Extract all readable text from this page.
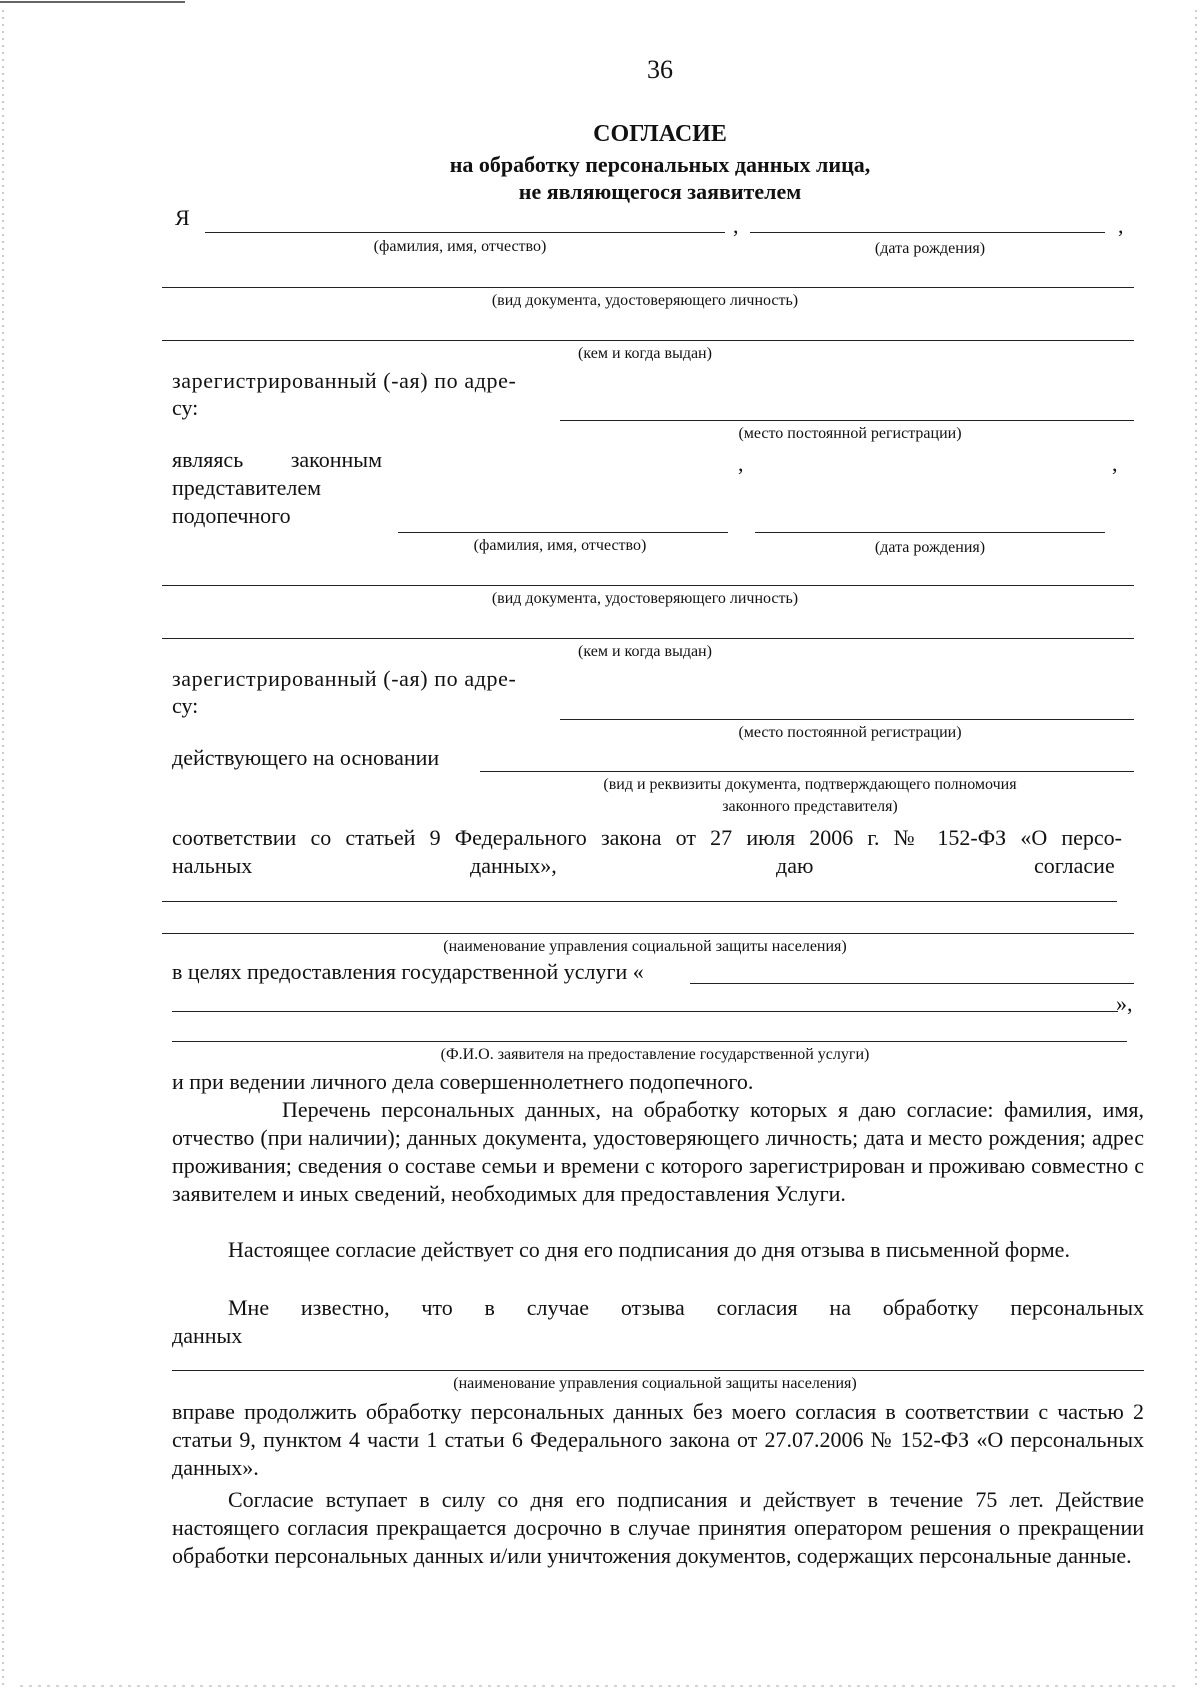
36
СОГЛАСИЕ
на обработку персональных данных лица,
не являющегося заявителем
Я	,	,
(фамилия, имя, отчество)	(дата рождения)
(вид документа, удостоверяющего личность)
(кем и когда выдан)
зарегистрированный (-ая) по адре-
су:
(место постоянной регистрации)
являясь законным
представителем
подопечного
,	,
(фамилия, имя, отчество)	(дата рождения)
(вид документа, удостоверяющего личность)
(кем и когда выдан)
зарегистрированный (-ая) по адре-
су:
(место постоянной регистрации)
действующего на основании
(вид и реквизиты документа, подтверждающего полномочия
законного представителя)
соответствии со статьей 9 Федерального закона от 27 июля 2006 г. № 152-ФЗ «О персо-
нальных	данных»,	даю	согласие
(наименование управления социальной защиты населения)
в целях предоставления государственной услуги «
»,
(Ф.И.О. заявителя на предоставление государственной услуги)
и при ведении личного дела совершеннолетнего подопечного.
Перечень персональных данных, на обработку которых я даю согласие: фамилия, имя, отчество (при наличии); данных документа, удостоверяющего личность; дата и место рождения; адрес проживания; сведения о составе семьи и времени с которого зарегистрирован и проживаю совместно с заявителем и иных сведений, необходимых для предоставления Услуги.
Настоящее согласие действует со дня его подписания до дня отзыва в письменной форме.
Мне известно, что в случае отзыва согласия на обработку персональных
данных
(наименование управления социальной защиты населения)
вправе продолжить обработку персональных данных без моего согласия в соответствии с частью 2 статьи 9, пунктом 4 части 1 статьи 6 Федерального закона от 27.07.2006 № 152-ФЗ «О персональных данных».
Согласие вступает в силу со дня его подписания и действует в течение 75 лет. Действие настоящего согласия прекращается досрочно в случае принятия оператором решения о прекращении обработки персональных данных и/или уничтожения документов, содержащих персональные данные.
